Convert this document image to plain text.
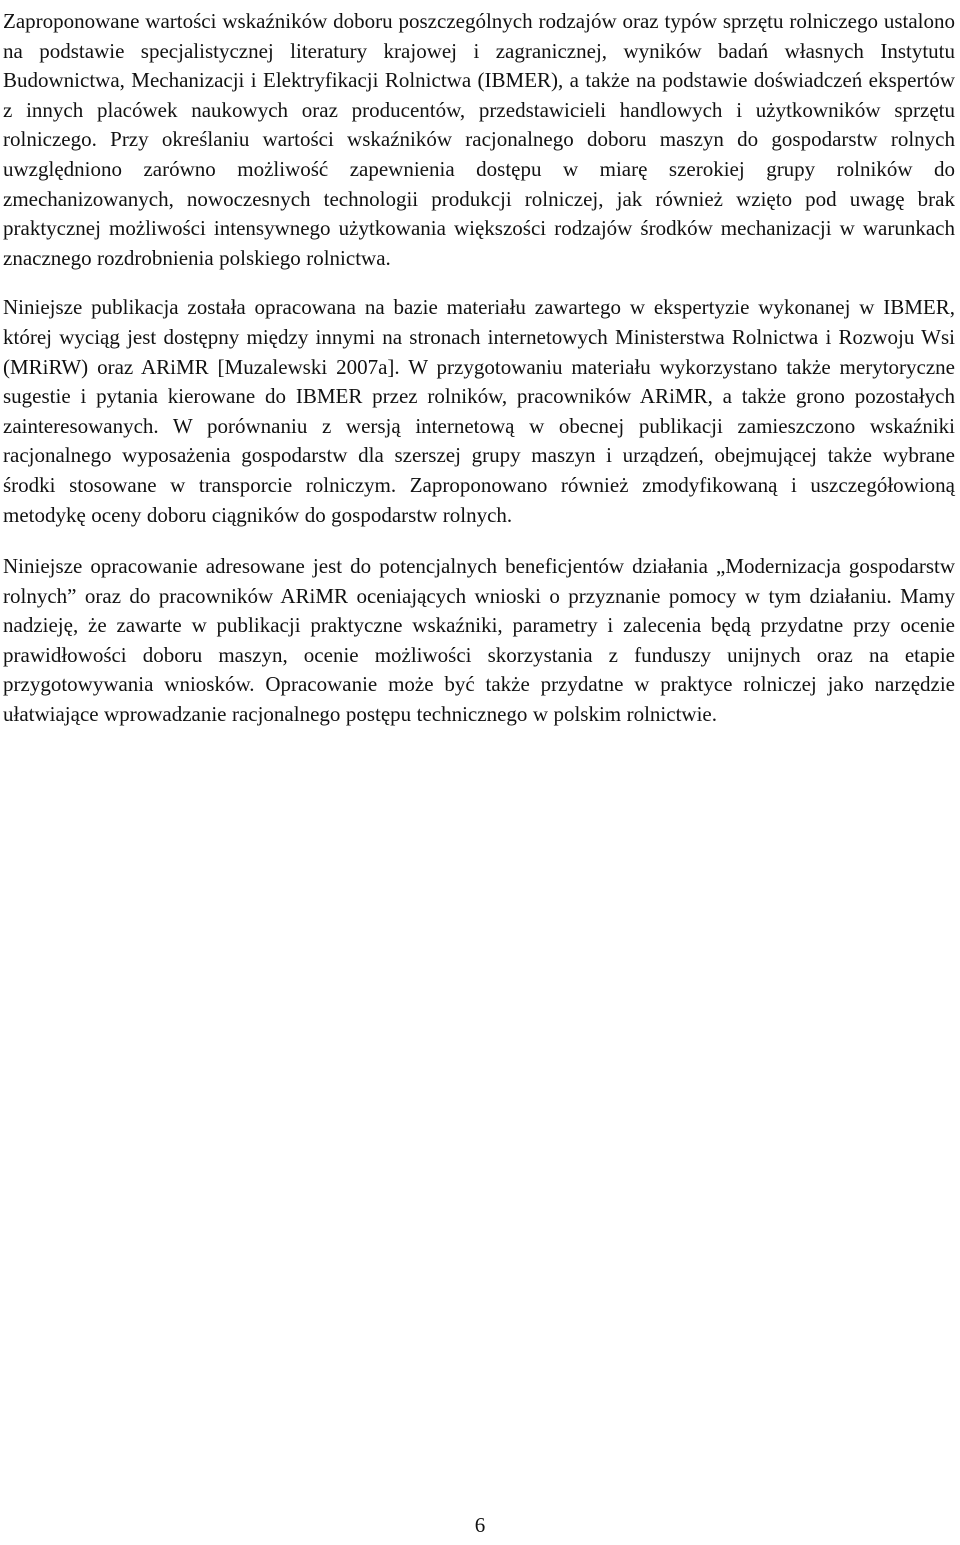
Zaproponowane wartości wskaźników doboru poszczególnych rodzajów oraz typów sprzętu rolniczego ustalono na podstawie specjalistycznej literatury krajowej i zagranicznej, wyników badań własnych Instytutu Budownictwa, Mechanizacji i Elektryfikacji Rolnictwa (IBMER), a także na podstawie doświadczeń ekspertów z innych placówek naukowych oraz producentów, przedstawicieli handlowych i użytkowników sprzętu rolniczego. Przy określaniu wartości wskaźników racjonalnego doboru maszyn do gospodarstw rolnych uwzględniono zarówno możliwość zapewnienia dostępu w miarę szerokiej grupy rolników do zmechanizowanych, nowoczesnych technologii produkcji rolniczej, jak również wzięto pod uwagę brak praktycznej możliwości intensywnego użytkowania większości rodzajów środków mechanizacji w warunkach znacznego rozdrobnienia polskiego rolnictwa.

Niniejsze publikacja została opracowana na bazie materiału zawartego w ekspertyzie wykonanej w IBMER, której wyciąg jest dostępny między innymi na stronach internetowych Ministerstwa Rolnictwa i Rozwoju Wsi (MRiRW) oraz ARiMR [Muzalewski 2007a]. W przygotowaniu materiału wykorzystano także merytoryczne sugestie i pytania kierowane do IBMER przez rolników, pracowników ARiMR, a także grono pozostałych zainteresowanych. W porównaniu z wersją internetową w obecnej publikacji zamieszczono wskaźniki racjonalnego wyposażenia gospodarstw dla szerszej grupy maszyn i urządzeń, obejmującej także wybrane środki stosowane w transporcie rolniczym. Zaproponowano również zmodyfikowaną i uszczegółowioną metodykę oceny doboru ciągników do gospodarstw rolnych.

Niniejsze opracowanie adresowane jest do potencjalnych beneficjentów działania „Modernizacja gospodarstw rolnych” oraz do pracowników ARiMR oceniających wnioski o przyznanie pomocy w tym działaniu. Mamy nadzieję, że zawarte w publikacji praktyczne wskaźniki, parametry i zalecenia będą przydatne przy ocenie prawidłowości doboru maszyn, ocenie możliwości skorzystania z funduszy unijnych oraz na etapie przygotowywania wniosków. Opracowanie może być także przydatne w praktyce rolniczej jako narzędzie ułatwiające wprowadzanie racjonalnego postępu technicznego w polskim rolnictwie.

6
